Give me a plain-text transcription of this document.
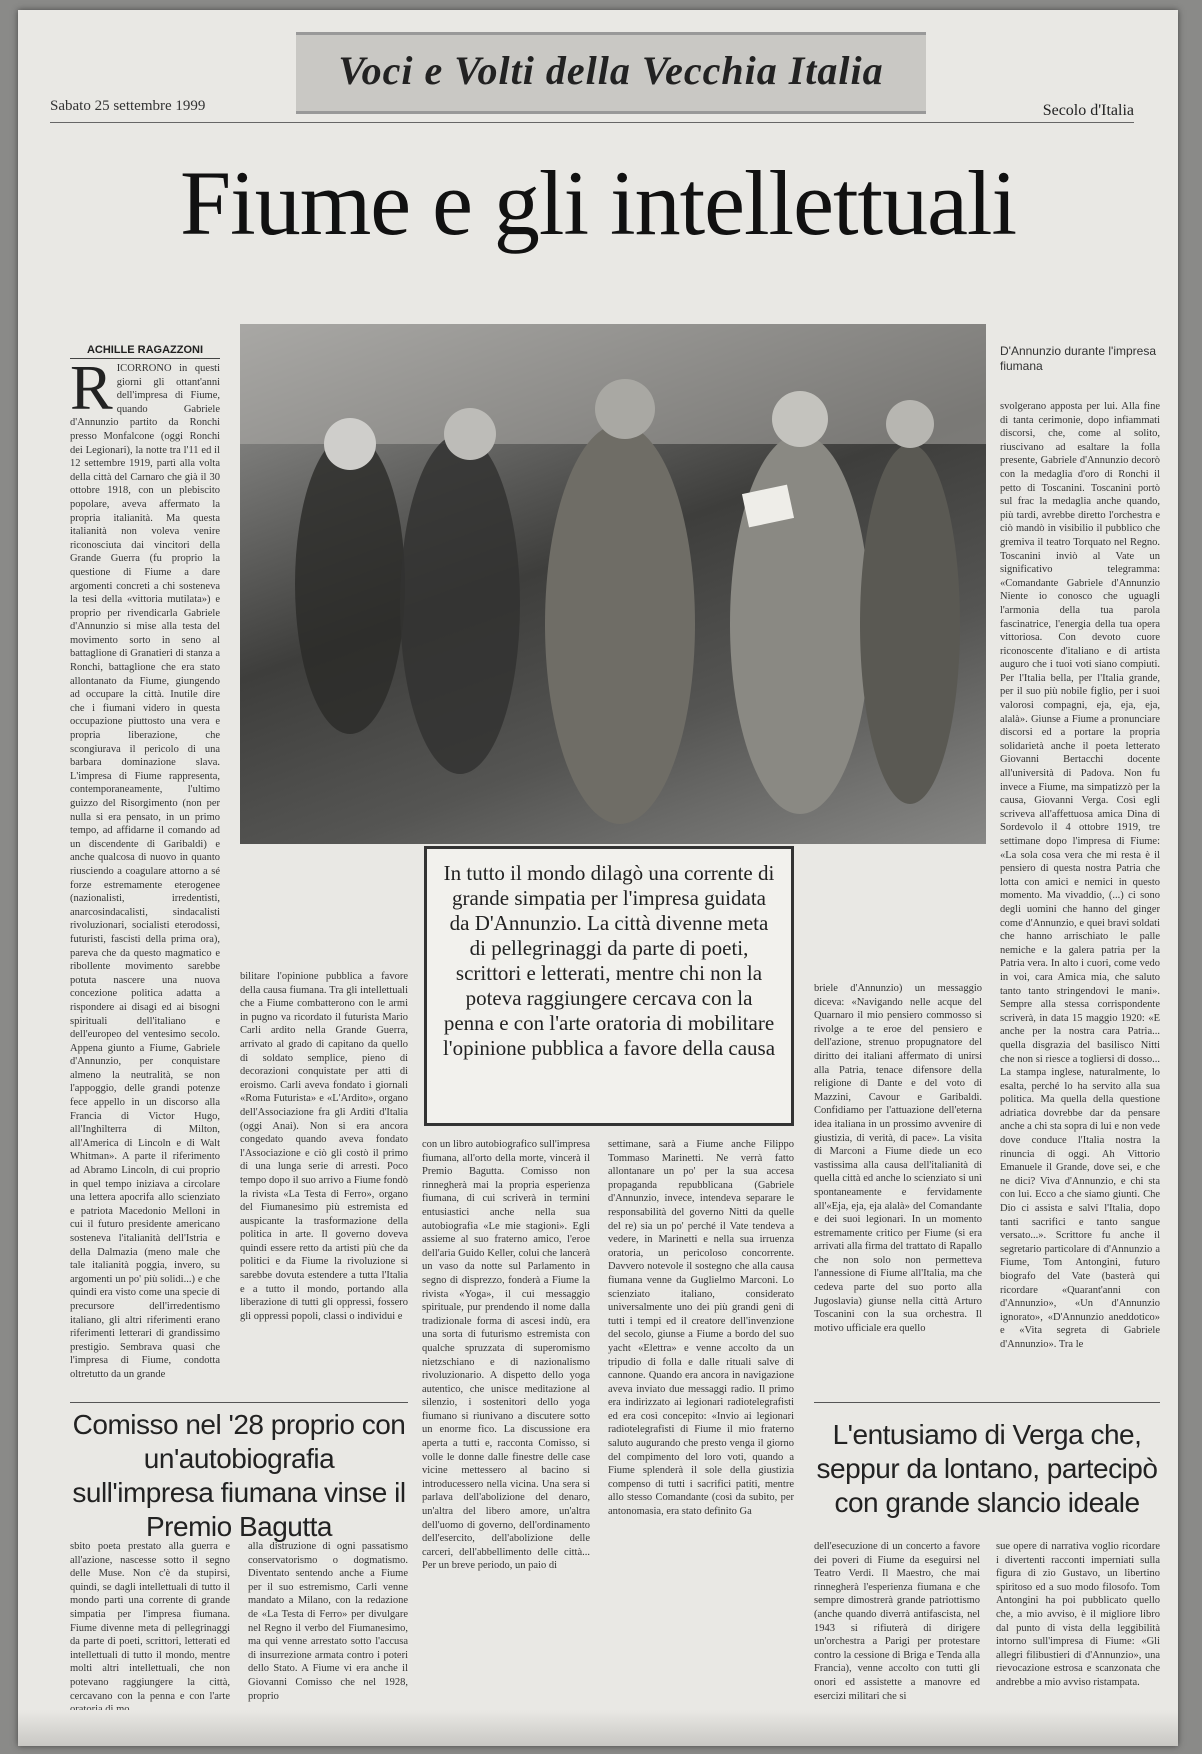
Voci e Volti della Vecchia Italia
Sabato 25 settembre 1999	Secolo d'Italia
Fiume e gli intellettuali
ACHILLE RAGAZZONI	D'Annunzio durante l'impresa fiumana
In tutto il mondo dilagò una corrente di grande simpatia per l'impresa guidata da D'Annunzio. La città divenne meta di pellegrinaggi da parte di poeti, scrittori e letterati, mentre chi non la poteva raggiungere cercava con la penna e con l'arte oratoria di mobilitare l'opinione pubblica a favore della causa
RICORRONO in questi giorni gli ottant'anni dell'impresa di Fiume, quando Gabriele d'Annunzio partito da Ronchi presso Monfalcone (oggi Ronchi dei Legionari), la notte tra l'11 ed il 12 settembre 1919, partì alla volta della città del Carnaro che già il 30 ottobre 1918, con un plebiscito popolare, aveva affermato la propria italianità. Ma questa italianità non voleva venire riconosciuta dai vincitori della Grande Guerra (fu proprio la questione di Fiume a dare argomenti concreti a chi sosteneva la tesi della «vittoria mutilata») e proprio per rivendicarla Gabriele d'Annunzio si mise alla testa del movimento sorto in seno al battaglione di Granatieri di stanza a Ronchi, battaglione che era stato allontanato da Fiume, giungendo ad occupare la città. Inutile dire che i fiumani videro in questa occupazione piuttosto una vera e propria liberazione, che scongiurava il pericolo di una barbara dominazione slava. L'impresa di Fiume rappresenta, contemporaneamente, l'ultimo guizzo del Risorgimento (non per nulla si era pensato, in un primo tempo, ad affidarne il comando ad un discendente di Garibaldi) e anche qualcosa di nuovo in quanto riusciendo a coagulare attorno a sé forze estremamente eterogenee (nazionalisti, irredentisti, anarcosindacalisti, sindacalisti rivoluzionari, socialisti eterodossi, futuristi, fascisti della prima ora), pareva che da questo magmatico e ribollente movimento sarebbe potuta nascere una nuova concezione politica adatta a rispondere ai disagi ed ai bisogni spirituali dell'italiano e dell'europeo del ventesimo secolo. Appena giunto a Fiume, Gabriele d'Annunzio, per conquistare almeno la neutralità, se non l'appoggio, delle grandi potenze fece appello in un discorso alla Francia di Victor Hugo, all'Inghilterra di Milton, all'America di Lincoln e di Walt Whitman». A parte il riferimento ad Abramo Lincoln, di cui proprio in quel tempo iniziava a circolare una lettera apocrifa allo scienziato e patriota Macedonio Melloni in cui il futuro presidente americano sosteneva l'italianità dell'Istria e della Dalmazia (meno male che tale italianità poggia, invero, su argomenti un po' più solidi...) e che quindi era visto come una specie di precursore dell'irredentismo italiano, gli altri riferimenti erano riferimenti letterari di grandissimo prestigio. Sembrava quasi che l'impresa di Fiume, condotta oltretutto da un grande
bilitare l'opinione pubblica a favore della causa fiumana. Tra gli intellettuali che a Fiume combatterono con le armi in pugno va ricordato il futurista Mario Carli ardito nella Grande Guerra, arrivato al grado di capitano da quello di soldato semplice, pieno di decorazioni conquistate per atti di eroismo. Carli aveva fondato i giornali «Roma Futurista» e «L'Ardito», organo dell'Associazione fra gli Arditi d'Italia (oggi Anai). Non si era ancora congedato quando aveva fondato l'Associazione e ciò gli costò il primo di una lunga serie di arresti. Poco tempo dopo il suo arrivo a Fiume fondò la rivista «La Testa di Ferro», organo del Fiumanesimo più estremista ed auspicante la trasformazione della politica in arte. Il governo doveva quindi essere retto da artisti più che da politici e da Fiume la rivoluzione si sarebbe dovuta estendere a tutta l'Italia e a tutto il mondo, portando alla liberazione di tutti gli oppressi, fossero gli oppressi popoli, classi o individui e
con un libro autobiografico sull'impresa fiumana, all'orto della morte, vincerà il Premio Bagutta. Comisso non rinnegherà mai la propria esperienza fiumana, di cui scriverà in termini entusiastici anche nella sua autobiografia «Le mie stagioni». Egli assieme al suo fraterno amico, l'eroe dell'aria Guido Keller, colui che lancerà un vaso da notte sul Parlamento in segno di disprezzo, fonderà a Fiume la rivista «Yoga», il cui messaggio spirituale, pur prendendo il nome dalla tradizionale forma di ascesi indù, era una sorta di futurismo estremista con qualche spruzzata di superomismo nietzschiano e di nazionalismo rivoluzionario. A dispetto dello yoga autentico, che unisce meditazione al silenzio, i sostenitori dello yoga fiumano si riunivano a discutere sotto un enorme fico. La discussione era aperta a tutti e, racconta Comisso, si volle le donne dalle finestre delle case vicine mettessero al bacino si introducessero nella vicina. Una sera si parlava dell'abolizione del denaro, un'altra del libero amore, un'altra dell'uomo di governo, dell'ordinamento dell'esercito, dell'abolizione delle carceri, dell'abbellimento delle città... Per un breve periodo, un paio di
settimane, sarà a Fiume anche Filippo Tommaso Marinetti. Ne verrà fatto allontanare un po' per la sua accesa propaganda repubblicana (Gabriele d'Annunzio, invece, intendeva separare le responsabilità del governo Nitti da quelle del re) sia un po' perché il Vate tendeva a vedere, in Marinetti e nella sua irruenza oratoria, un pericoloso concorrente. Davvero notevole il sostegno che alla causa fiumana venne da Guglielmo Marconi. Lo scienziato italiano, considerato universalmente uno dei più grandi geni di tutti i tempi ed il creatore dell'invenzione del secolo, giunse a Fiume a bordo del suo yacht «Elettra» e venne accolto da un tripudio di folla e dalle rituali salve di cannone. Quando era ancora in navigazione aveva inviato due messaggi radio. Il primo era indirizzato ai legionari radiotelegrafisti ed era così concepito: «Invio ai legionari radiotelegrafisti di Fiume il mio fraterno saluto augurando che presto venga il giorno del compimento del loro voti, quando a Fiume splenderà il sole della giustizia compenso di tutti i sacrifici patiti, mentre allo stesso Comandante (così da subito, per antonomasia, era stato definito Ga
briele d'Annunzio) un messaggio diceva: «Navigando nelle acque del Quarnaro il mio pensiero commosso si rivolge a te eroe del pensiero e dell'azione, strenuo propugnatore del diritto dei italiani affermato di unirsi alla Patria, tenace difensore della religione di Dante e del voto di Mazzini, Cavour e Garibaldi. Confidiamo per l'attuazione dell'eterna idea italiana in un prossimo avvenire di giustizia, di verità, di pace». La visita di Marconi a Fiume diede un eco vastissima alla causa dell'italianità di quella città ed anche lo scienziato si unì spontaneamente e fervidamente all'«Eja, eja, eja alalà» del Comandante e dei suoi legionari. In un momento estremamente critico per Fiume (si era arrivati alla firma del trattato di Rapallo che non solo non permetteva l'annessione di Fiume all'Italia, ma che cedeva parte del suo porto alla Jugoslavia) giunse nella città Arturo Toscanini con la sua orchestra. Il motivo ufficiale era quello
svolgerano apposta per lui. Alla fine di tanta cerimonie, dopo infiammati discorsi, che, come al solito, riuscivano ad esaltare la folla presente, Gabriele d'Annunzio decorò con la medaglia d'oro di Ronchi il petto di Toscanini. Toscanini portò sul frac la medaglia anche quando, più tardi, avrebbe diretto l'orchestra e ciò mandò in visibilio il pubblico che gremiva il teatro Torquato nel Regno. Toscanini inviò al Vate un significativo telegramma: «Comandante Gabriele d'Annunzio Niente io conosco che uguagli l'armonia della tua parola fascinatrice, l'energia della tua opera vittoriosa. Con devoto cuore riconoscente d'italiano e di artista auguro che i tuoi voti siano compiuti. Per l'Italia bella, per l'Italia grande, per il suo più nobile figlio, per i suoi valorosi compagni, eja, eja, eja, alalà». Giunse a Fiume a pronunciare discorsi ed a portare la propria solidarietà anche il poeta letterato Giovanni Bertacchi docente all'università di Padova. Non fu invece a Fiume, ma simpatizzò per la causa, Giovanni Verga. Così egli scriveva all'affettuosa amica Dina di Sordevolo il 4 ottobre 1919, tre settimane dopo l'impresa di Fiume: «La sola cosa vera che mi resta è il pensiero di questa nostra Patria che lotta con amici e nemici in questo momento. Ma vivaddio, (...) ci sono degli uomini che hanno del ginger come d'Annunzio, e quei bravi soldati che hanno arrischiato le palle nemiche e la galera patria per la Patria vera. In alto i cuori, come vedo in voi, cara Amica mia, che saluto tanto tanto stringendovi le mani». Sempre alla stessa corrispondente scriverà, in data 15 maggio 1920: «E anche per la nostra cara Patria... quella disgrazia del basilisco Nitti che non si riesce a togliersi di dosso... La stampa inglese, naturalmente, lo esalta, perché lo ha servito alla sua politica. Ma quella della questione adriatica dovrebbe dar da pensare anche a chi sta sopra di lui e non vede dove conduce l'Italia nostra la rinuncia di oggi. Ah Vittorio Emanuele il Grande, dove sei, e che ne dici? Viva d'Annunzio, e chi sta con lui. Ecco a che siamo giunti. Che Dio ci assista e salvi l'Italia, dopo tanti sacrifici e tanto sangue versato...». Scrittore fu anche il segretario particolare di d'Annunzio a Fiume, Tom Antongini, futuro biografo del Vate (basterà qui ricordare «Quarant'anni con d'Annunzio», «Un d'Annunzio ignorato», «D'Annunzio aneddotico» e «Vita segreta di Gabriele d'Annunzio». Tra le
Comisso nel '28 proprio con un'autobiografia sull'impresa fiumana vinse il Premio Bagutta
L'entusiamo di Verga che, seppur da lontano, partecipò con grande slancio ideale
sbito poeta prestato alla guerra e all'azione, nascesse sotto il segno delle Muse. Non c'è da stupirsi, quindi, se dagli intellettuali di tutto il mondo partì una corrente di grande simpatia per l'impresa fiumana. Fiume divenne meta di pellegrinaggi da parte di poeti, scrittori, letterati ed intellettuali di tutto il mondo, mentre molti altri intellettuali, che non potevano raggiungere la città, cercavano con la penna e con l'arte
alla distruzione di ogni passatismo conservatorismo o dogmatismo. Diventato sentendo anche a Fiume per il suo estremismo, Carli venne mandato a Milano, con la redazione de «La Testa di Ferro» per divulgare nel Regno il verbo del Fiumanesimo, ma qui venne arrestato sotto l'accusa di insurrezione armata contro i poteri dello Stato. A Fiume vi era anche il Giovanni Comisso che nel 1928, proprio
dell'esecuzione di un concerto a favore dei poveri di Fiume da eseguirsi nel Teatro Verdi. Il Maestro, che mai rinnegherà l'esperienza fiumana e che sempre dimostrerà grande patriottismo (anche quando diverrà antifascista, nel 1943 si rifiuterà di dirigere un'orchestra a Parigi per protestare contro la cessione di Briga e Tenda alla Francia), venne accolto con tutti gli onori ed assistette a manovre ed esercizi militari che si
sue opere di narrativa voglio ricordare i divertenti racconti imperniati sulla figura di zio Gustavo, un libertino spiritoso ed a suo modo filosofo. Tom Antongini ha poi pubblicato quello che, a mio avviso, è il migliore libro dal punto di vista della leggibilità intorno sull'impresa di Fiume: «Gli allegri filibustieri di d'Annunzio», una rievocazione estrosa e scanzonata che andrebbe a mio avviso ristampata.
